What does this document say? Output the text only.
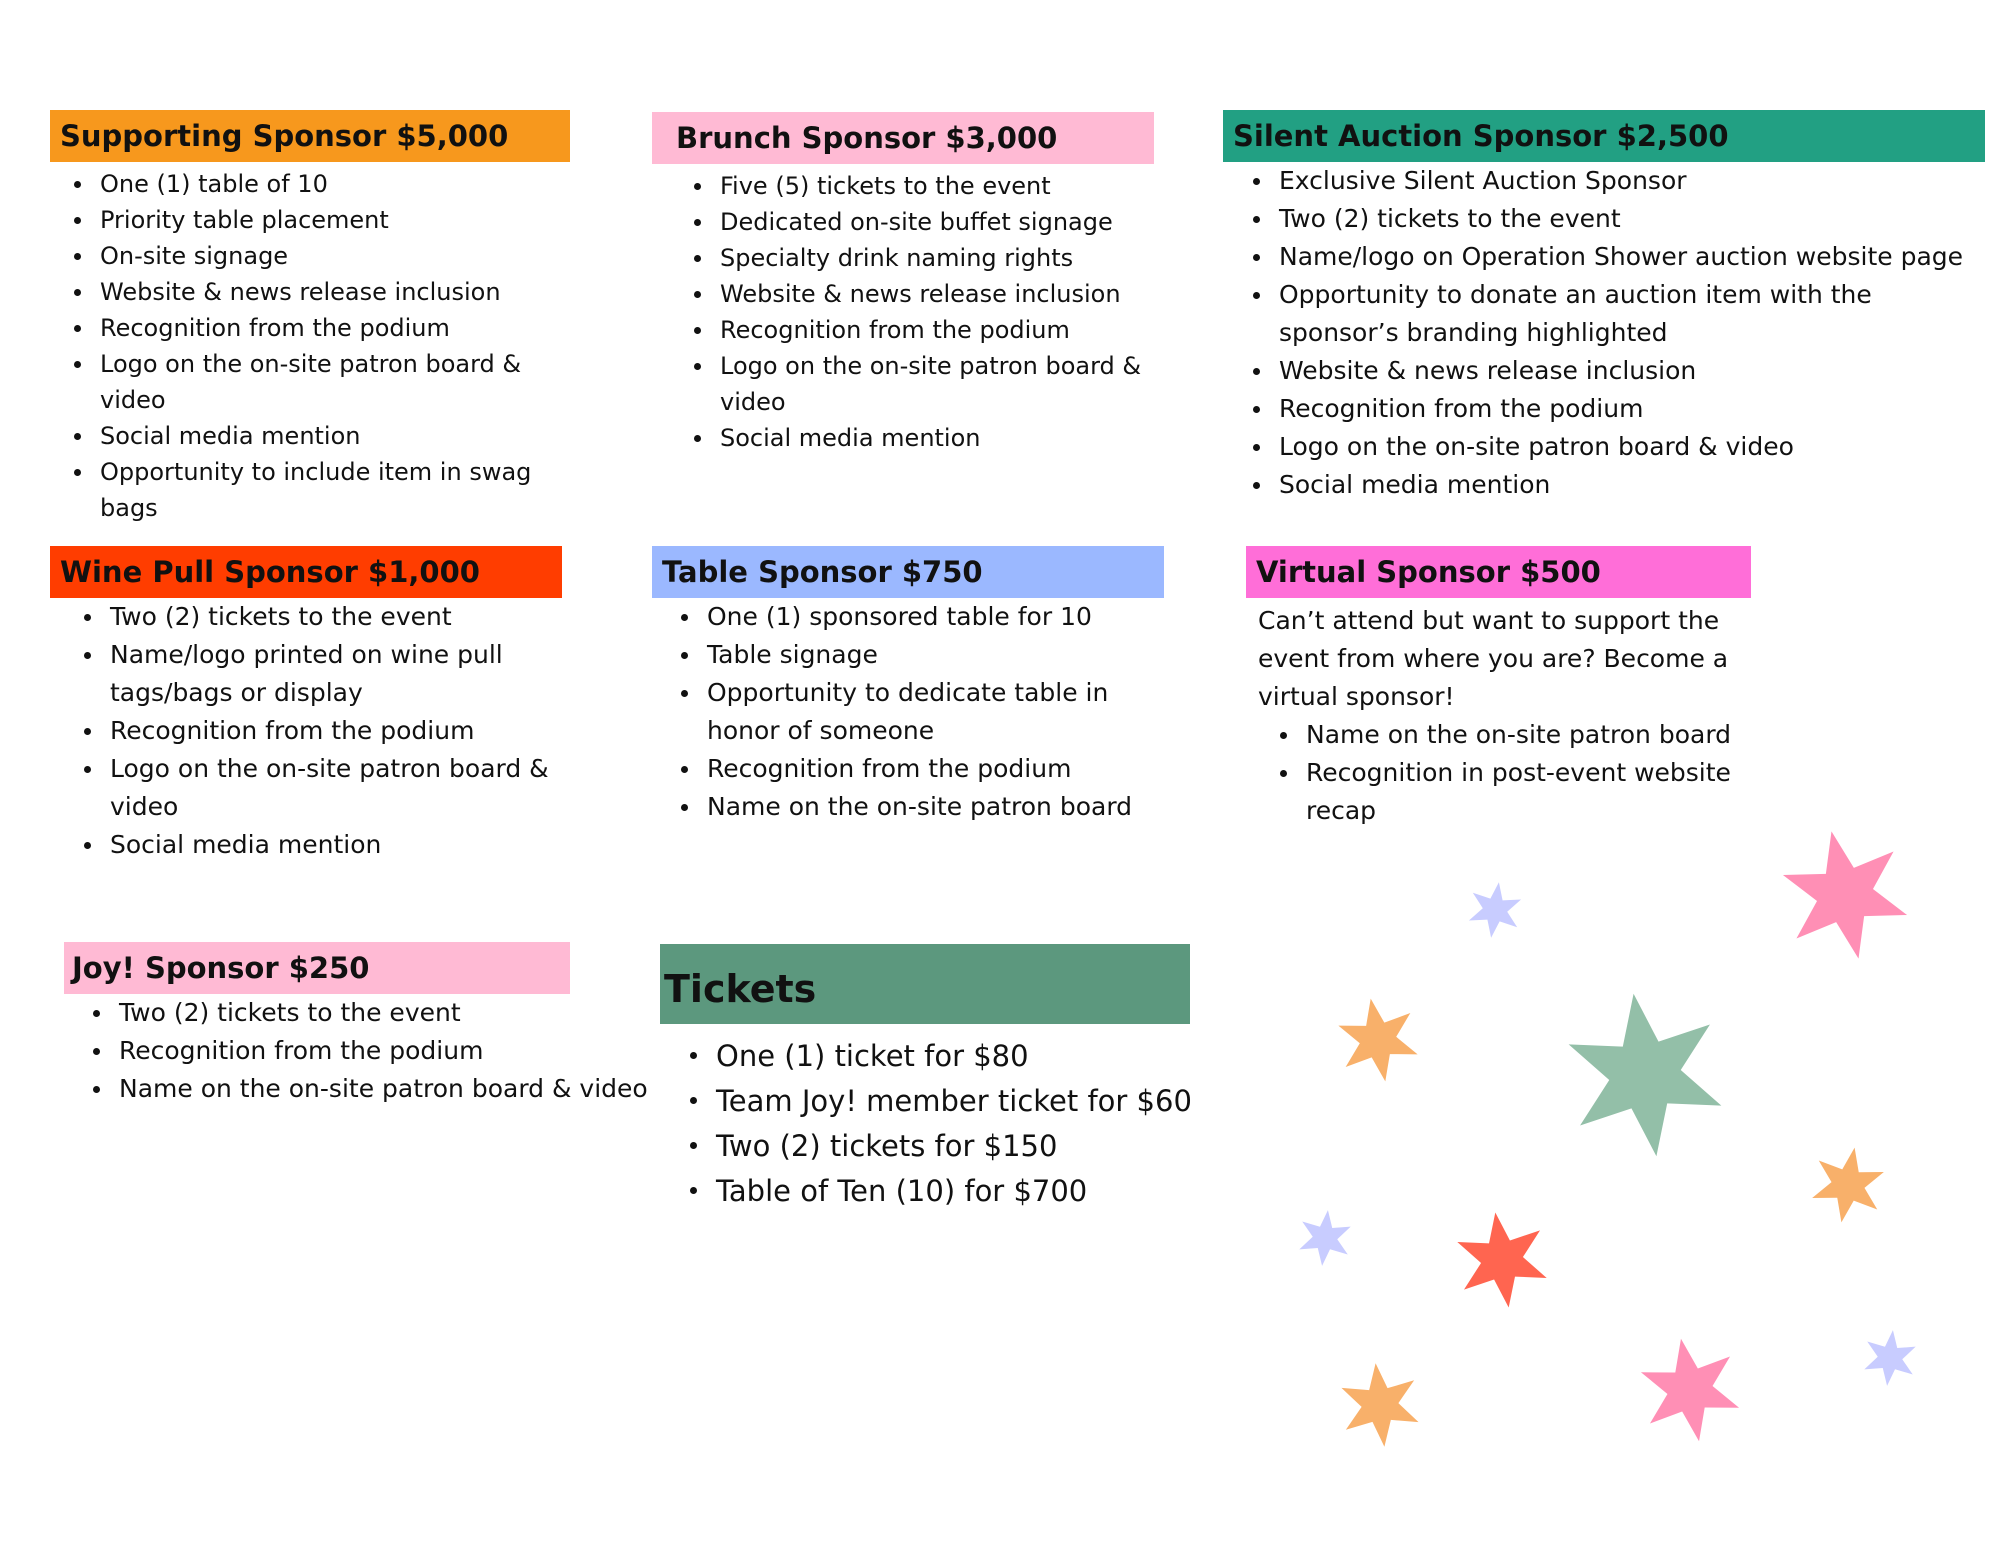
Supporting Sponsor $5,000
One (1) table of 10
Priority table placement
On-site signage
Website & news release inclusion
Recognition from the podium
Logo on the on-site patron board & video
Social media mention
Opportunity to include item in swag bags
Brunch Sponsor $3,000
Five (5) tickets to the event
Dedicated on-site buffet signage
Specialty drink naming rights
Website & news release inclusion
Recognition from the podium
Logo on the on-site patron board & video
Social media mention
Silent Auction Sponsor $2,500
Exclusive Silent Auction Sponsor
Two (2) tickets to the event
Name/logo on Operation Shower auction website page
Opportunity to donate an auction item with the sponsor’s branding highlighted
Website & news release inclusion
Recognition from the podium
Logo on the on-site patron board & video
Social media mention
Wine Pull Sponsor $1,000
Two (2) tickets to the event
Name/logo printed on wine pull tags/bags or display
Recognition from the podium
Logo on the on-site patron board & video
Social media mention
Table Sponsor $750
One (1) sponsored table for 10
Table signage
Opportunity to dedicate table in honor of someone
Recognition from the podium
Name on the on-site patron board
Virtual Sponsor $500
Can’t attend but want to support the event from where you are? Become a virtual sponsor!
Name on the on-site patron board
Recognition in post-event website recap
Joy! Sponsor $250
Two (2) tickets to the event
Recognition from the podium
Name on the on-site patron board & video
Tickets
One (1) ticket for $80
Team Joy! member ticket for $60
Two (2) tickets for $150
Table of Ten (10) for $700
